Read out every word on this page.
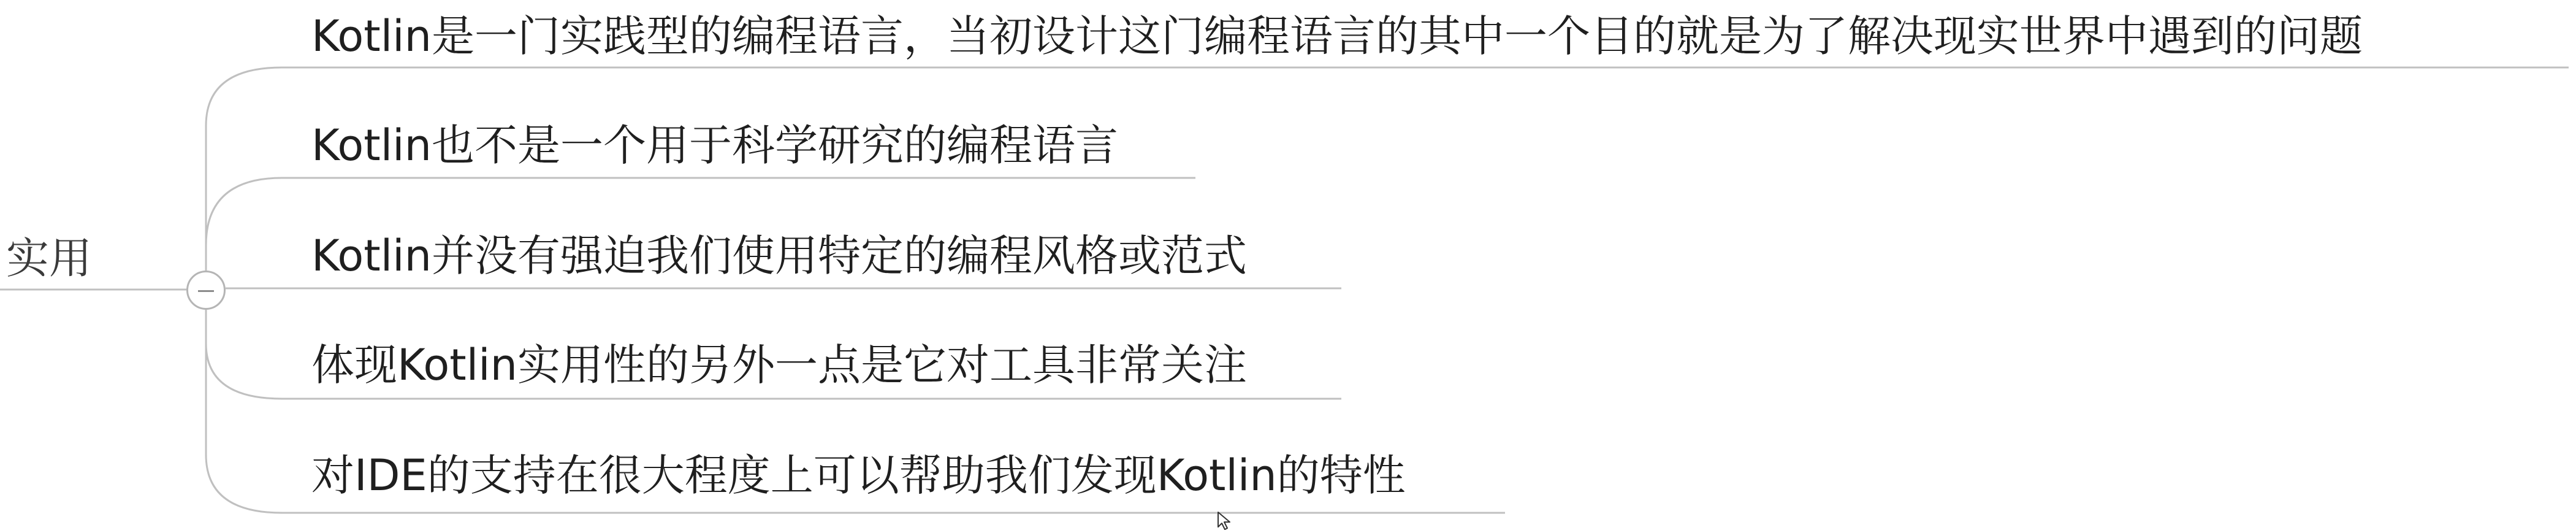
实用
Kotlin是一门实践型的编程语言，当初设计这门编程语言的其中一个目的就是为了解决现实世界中遇到的问题
Kotlin也不是一个用于科学研究的编程语言
Kotlin并没有强迫我们使用特定的编程风格或范式
体现Kotlin实用性的另外一点是它对工具非常关注
对IDE的支持在很大程度上可以帮助我们发现Kotlin的特性
